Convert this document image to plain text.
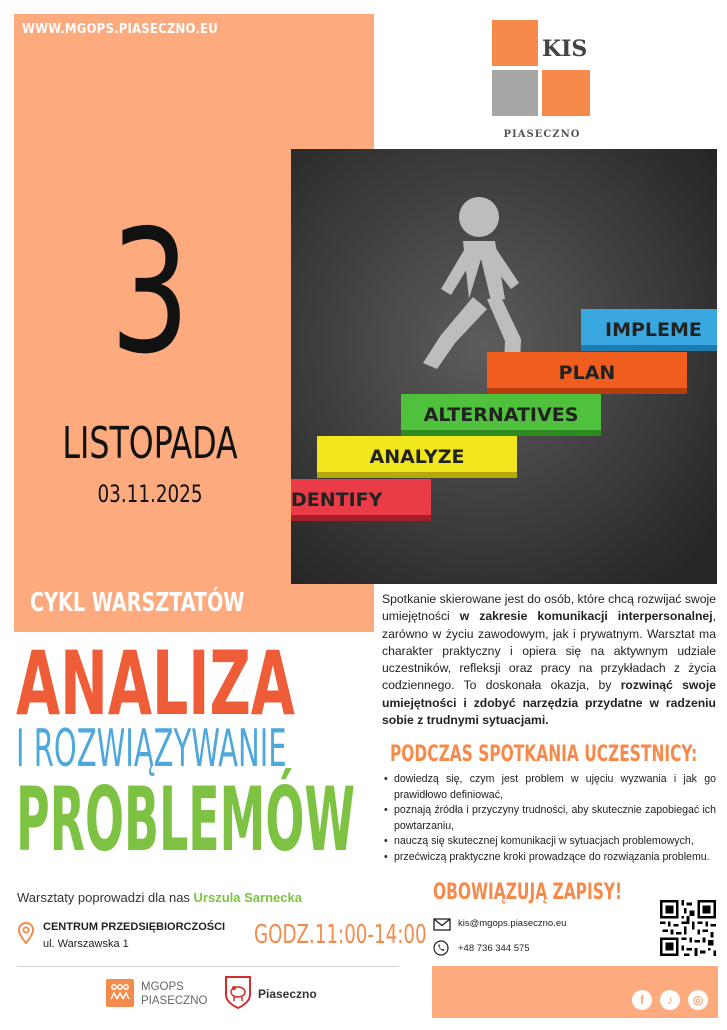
WWW.MGOPS.PIASECZNO.EU
KIS
PIASECZNO
3
LISTOPADA
03.11.2025
CYKL WARSZTATÓW
IMPLEME
PLAN
ALTERNATIVES
ANALYZE
DENTIFY
Spotkanie skierowane jest do osób, które chcą rozwijać swoje umiejętności w zakresie komunikacji interpersonalnej, zarówno w życiu zawodowym, jak i prywatnym. Warsztat ma charakter praktyczny i opiera się na aktywnym udziale uczestników, refleksji oraz pracy na przykładach z życia codziennego. To doskonała okazja, by rozwinąć swoje umiejętności i zdobyć narzędzia przydatne w radzeniu sobie z trudnymi sytuacjami.
ANALIZA
I ROZWIĄZYWANIE
PROBLEMÓW
PODCZAS SPOTKANIA UCZESTNICY:
• dowiedzą się, czym jest problem w ujęciu wyzwania i jak go prawidłowo definiować,
• poznają źródła i przyczyny trudności, aby skutecznie zapobiegać ich powtarzaniu,
• nauczą się skutecznej komunikacji w sytuacjach problemowych,
• przećwiczą praktyczne kroki prowadzące do rozwiązania problemu.
Warsztaty poprowadzi dla nas Urszula Sarnecka
CENTRUM PRZEDSIĘBIORCZOŚCI
ul. Warszawska 1	GODZ.11:00-14:00
MGOPS
PIASECZNO	Piaseczno
OBOWIĄZUJĄ ZAPISY!
kis@mgops.piaseczno.eu
+48 736 344 575
f	♪	◎
